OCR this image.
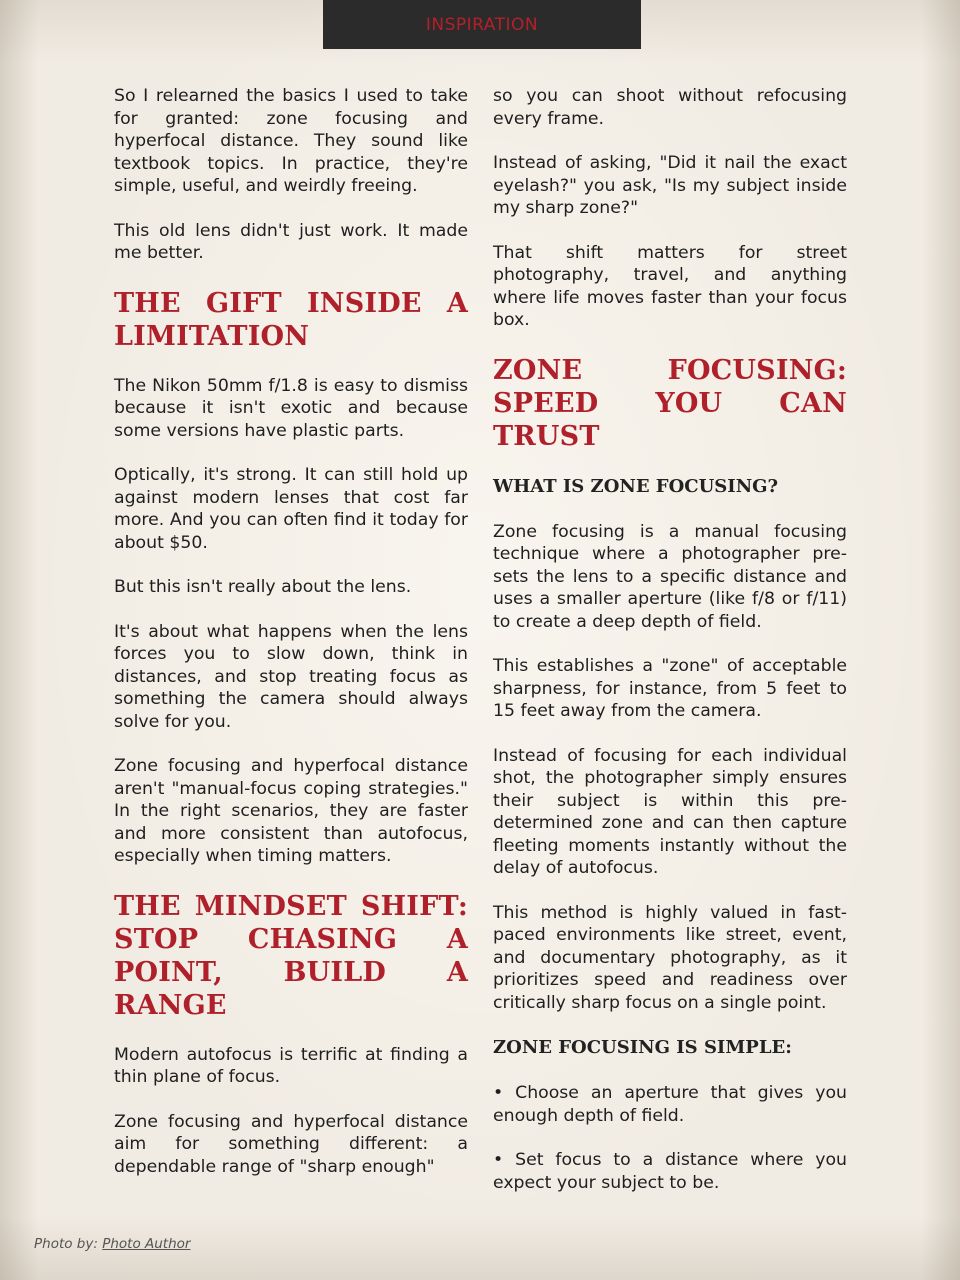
INSPIRATION

So I relearned the basics I used to take for granted: zone focusing and hyperfocal distance. They sound like textbook topics. In practice, they're simple, useful, and weirdly freeing.

This old lens didn't just work. It made me better.

THE GIFT INSIDE A LIMITATION

The Nikon 50mm f/1.8 is easy to dismiss because it isn't exotic and because some versions have plastic parts.

Optically, it's strong. It can still hold up against modern lenses that cost far more. And you can often find it today for about $50.

But this isn't really about the lens.

It's about what happens when the lens forces you to slow down, think in distances, and stop treating focus as something the camera should always solve for you.

Zone focusing and hyperfocal distance aren't "manual-focus coping strategies." In the right scenarios, they are faster and more consistent than autofocus, especially when timing matters.

THE MINDSET SHIFT: STOP CHASING A POINT, BUILD A RANGE

Modern autofocus is terrific at finding a thin plane of focus.

Zone focusing and hyperfocal distance aim for something different: a dependable range of "sharp enough"

so you can shoot without refocusing every frame.

Instead of asking, "Did it nail the exact eyelash?" you ask, "Is my subject inside my sharp zone?"

That shift matters for street photography, travel, and anything where life moves faster than your focus box.

ZONE FOCUSING: SPEED YOU CAN TRUST
WHAT IS ZONE FOCUSING?

Zone focusing is a manual focusing technique where a photographer pre-sets the lens to a specific distance and uses a smaller aperture (like f/8 or f/11) to create a deep depth of field.

This establishes a "zone" of acceptable sharpness, for instance, from 5 feet to 15 feet away from the camera.

Instead of focusing for each individual shot, the photographer simply ensures their subject is within this pre-determined zone and can then capture fleeting moments instantly without the delay of autofocus.

This method is highly valued in fast-paced environments like street, event, and documentary photography, as it prioritizes speed and readiness over critically sharp focus on a single point.

ZONE FOCUSING IS SIMPLE:

• Choose an aperture that gives you enough depth of field.

• Set focus to a distance where you expect your subject to be.

Photo by: Photo Author
